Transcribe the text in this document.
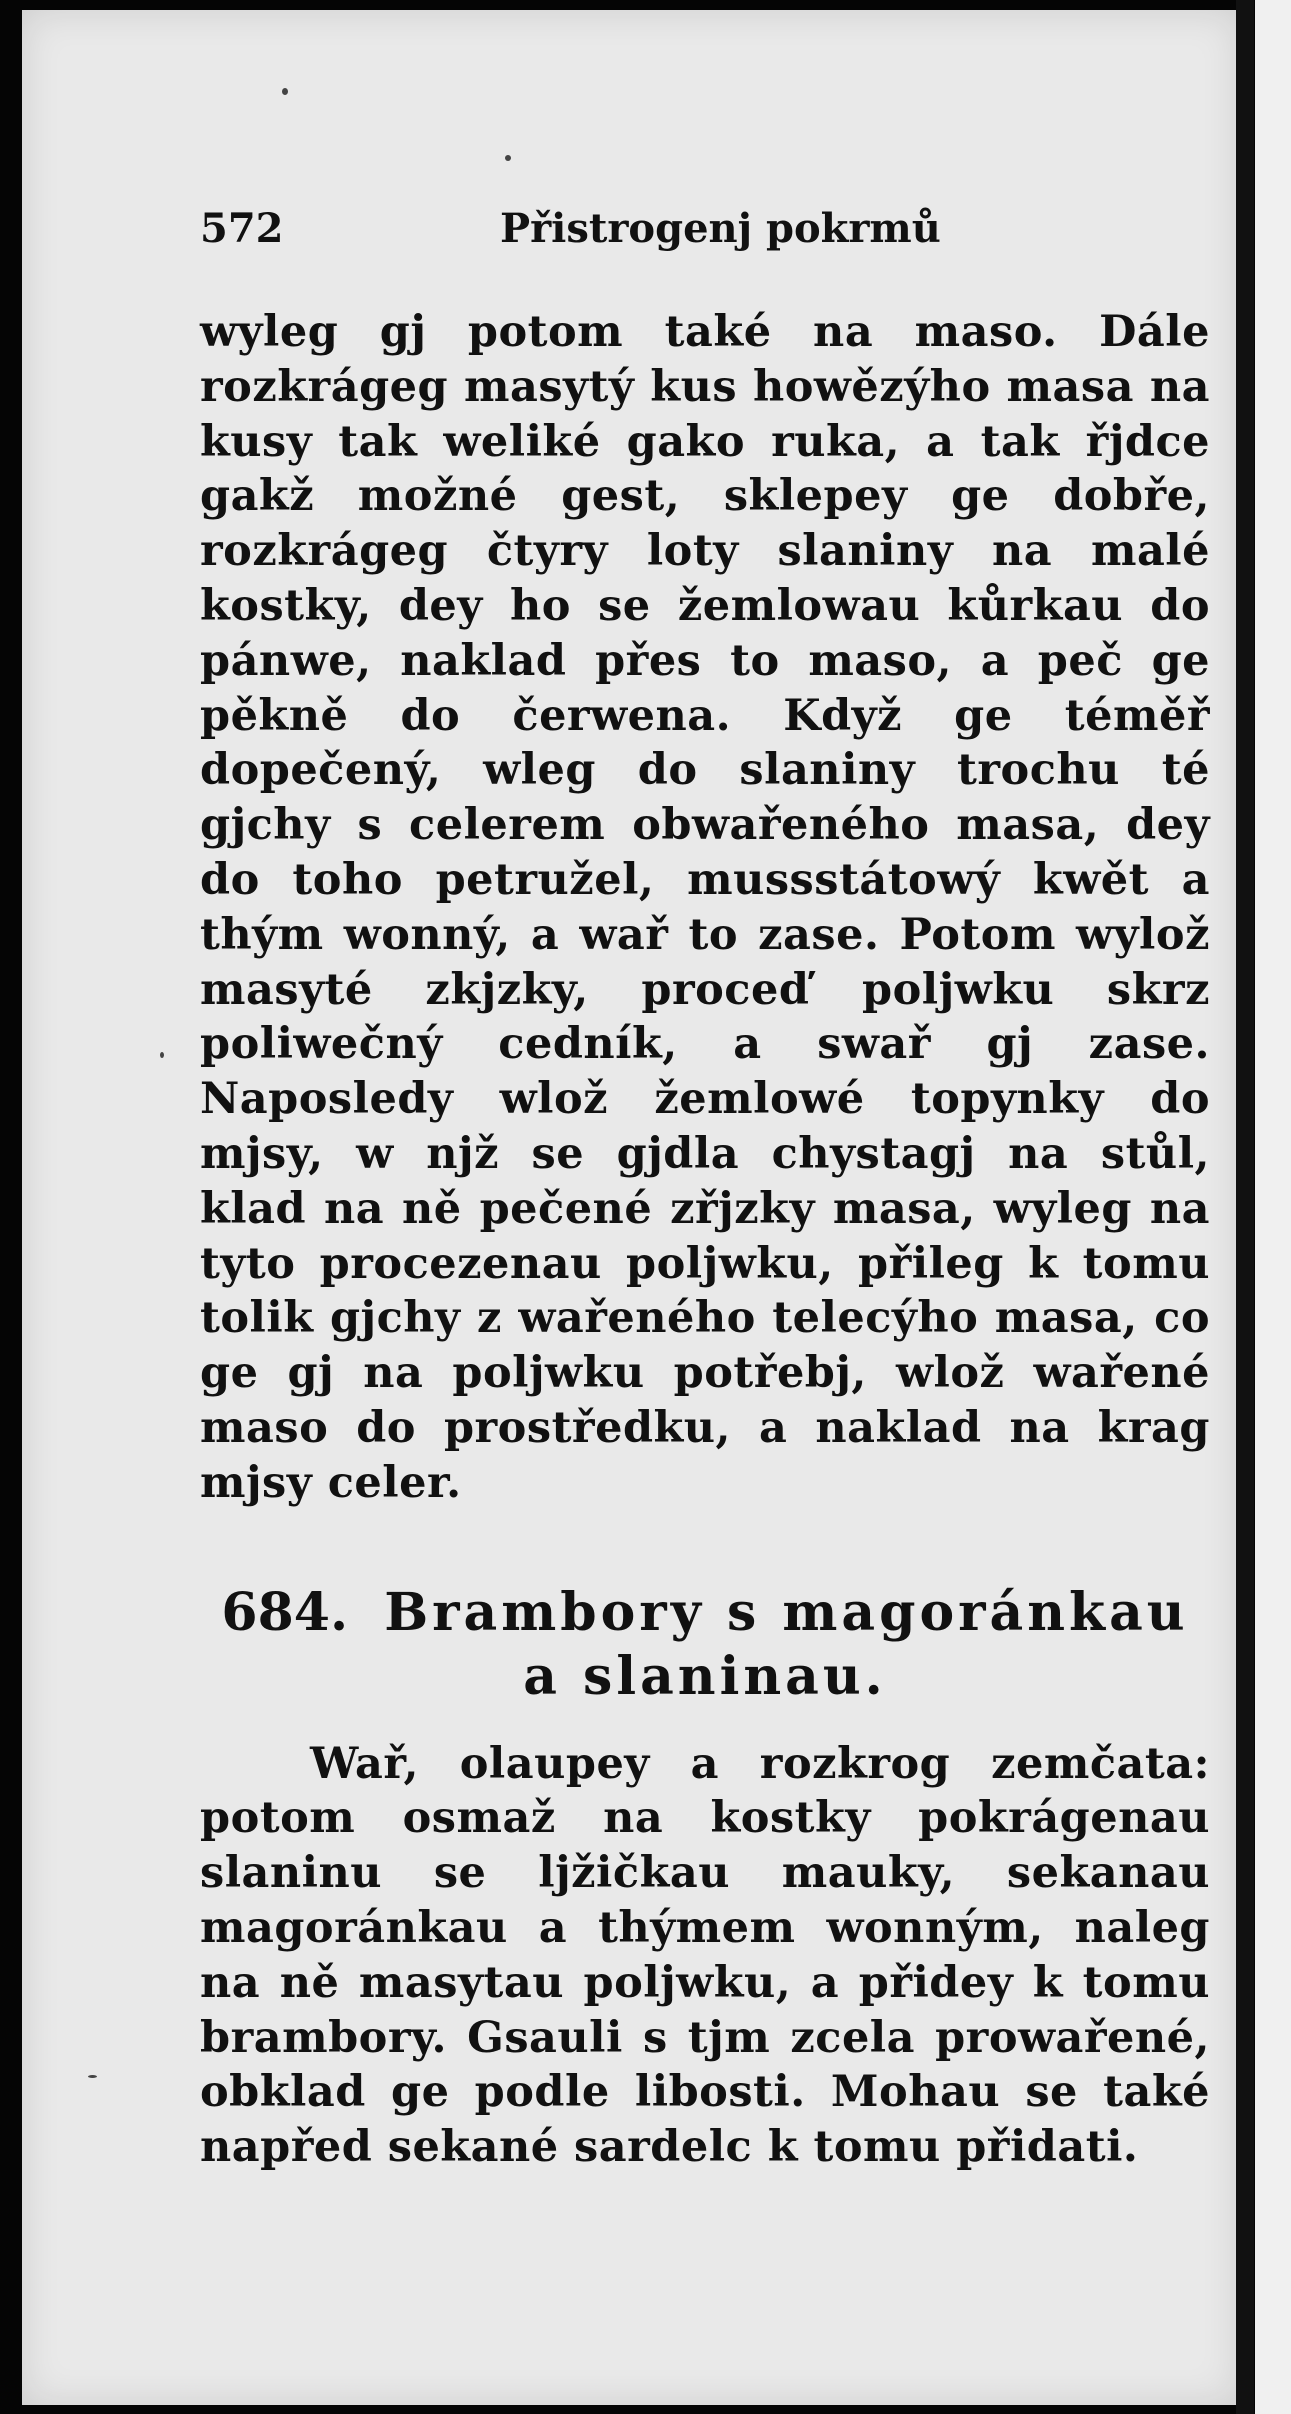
572	Přistrogenj pokrmů
wyleg gj potom také na maso. Dále rozkrágeg masytý kus howězýho masa na kusy tak weliké gako ruka, a tak řjdce gakž možné gest, sklepey ge dobře, rozkrágeg čtyry loty slaniny na malé kostky, dey ho se žemlowau kůrkau do pánwe, naklad přes to maso, a peč ge pěkně do čerwena. Když ge téměř dopečený, wleg do slaniny trochu té gjchy s celerem obwařeného masa, dey do toho petružel, mussstátowý kwět a thým wonný, a wař to zase. Potom wylož masyté zkjzky, proceď poljwku skrz poliwečný cedník, a swař gj zase. Naposledy wlož žemlowé topynky do mjsy, w njž se gjdla chystagj na stůl, klad na ně pečené zřjzky masa, wyleg na tyto procezenau poljwku, přileg k tomu tolik gjchy z wařeného telecýho masa, co ge gj na poljwku potřebj, wlož wařené maso do prostředku, a naklad na krag mjsy celer.
684. Brambory s magoránkau a slaninau.
Wař, olaupey a rozkrog zemčata: potom osmaž na kostky pokrágenau slaninu se ljžičkau mauky, sekanau magoránkau a thýmem wonným, naleg na ně masytau poljwku, a přidey k tomu brambory. Gsauli s tjm zcela prowařené, obklad ge podle libosti. Mohau se také napřed sekané sardelc k tomu přidati.
